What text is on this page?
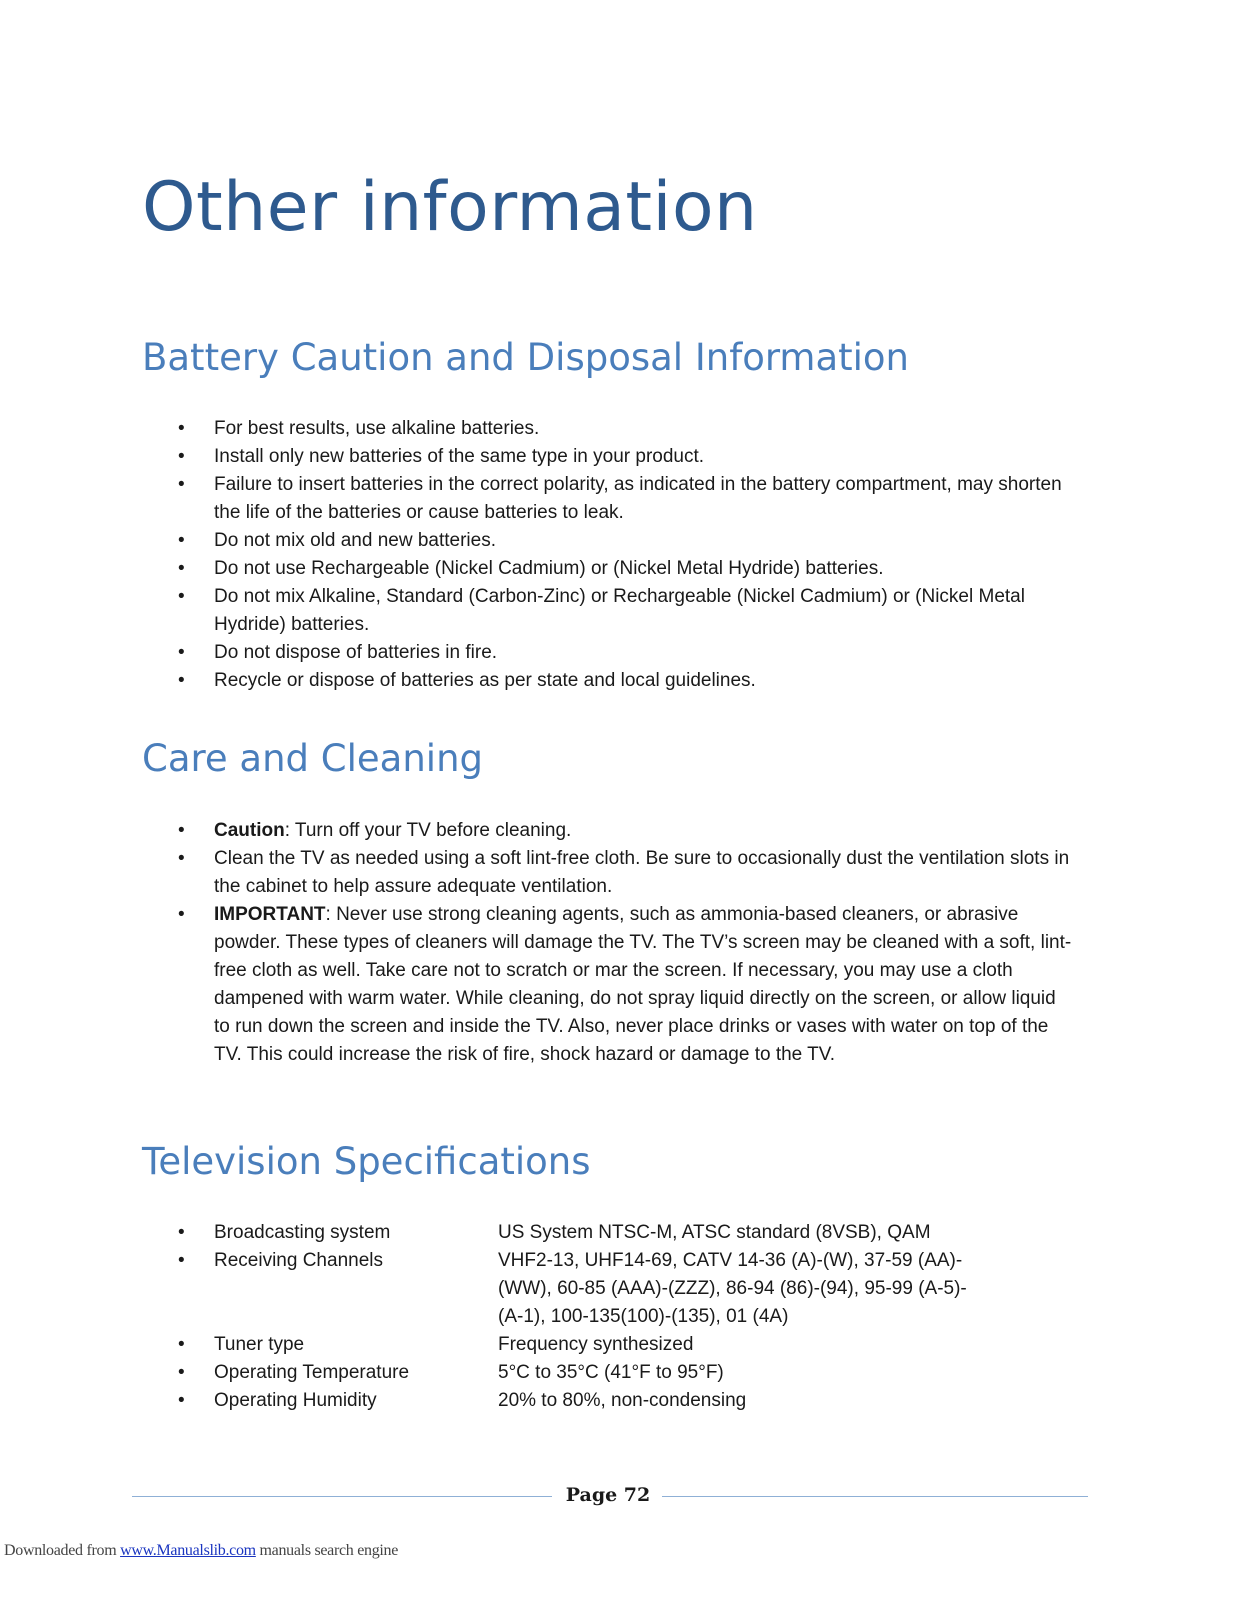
Other information
Battery Caution and Disposal Information
• For best results, use alkaline batteries.
• Install only new batteries of the same type in your product.
• Failure to insert batteries in the correct polarity, as indicated in the battery compartment, may shorten the life of the batteries or cause batteries to leak.
• Do not mix old and new batteries.
• Do not use Rechargeable (Nickel Cadmium) or (Nickel Metal Hydride) batteries.
• Do not mix Alkaline, Standard (Carbon-Zinc) or Rechargeable (Nickel Cadmium) or (Nickel Metal Hydride) batteries.
• Do not dispose of batteries in fire.
• Recycle or dispose of batteries as per state and local guidelines.
Care and Cleaning
• Caution: Turn off your TV before cleaning.
• Clean the TV as needed using a soft lint-free cloth. Be sure to occasionally dust the ventilation slots in the cabinet to help assure adequate ventilation.
• IMPORTANT: Never use strong cleaning agents, such as ammonia-based cleaners, or abrasive powder. These types of cleaners will damage the TV. The TV’s screen may be cleaned with a soft, lint-free cloth as well. Take care not to scratch or mar the screen. If necessary, you may use a cloth dampened with warm water. While cleaning, do not spray liquid directly on the screen, or allow liquid to run down the screen and inside the TV. Also, never place drinks or vases with water on top of the TV. This could increase the risk of fire, shock hazard or damage to the TV.
Television Specifications
• Broadcasting system	US System NTSC-M, ATSC standard (8VSB), QAM
• Receiving Channels	VHF2-13, UHF14-69, CATV 14-36 (A)-(W), 37-59 (AA)- (WW), 60-85 (AAA)-(ZZZ), 86-94 (86)-(94), 95-99 (A-5)-(A-1), 100-135(100)-(135), 01 (4A)
• Tuner type	Frequency synthesized
• Operating Temperature	5°C to 35°C (41°F to 95°F)
• Operating Humidity	20% to 80%, non-condensing
Page 72
Downloaded from www.Manualslib.com manuals search engine
